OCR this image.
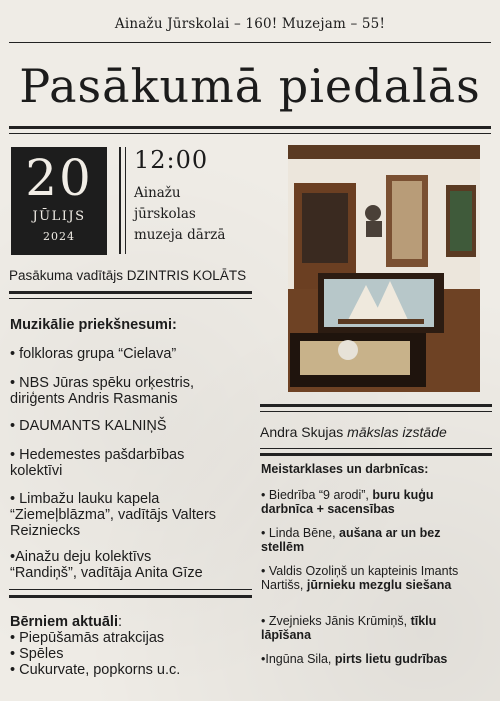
Ainažu Jūrskolai – 160! Muzejam – 55!
Pasākumā piedalās
20
JŪLIJS
2024
12:00
Ainažu
jūrskolas
muzeja dārzā
Pasākuma vadītājs DZINTRIS KOLĀTS
Muzikālie priekšnesumi:
• folkloras grupa “Cielava”
• NBS Jūras spēku orķestris,
diriģents Andris Rasmanis
• DAUMANTS KALNIŅŠ
• Hedemestes pašdarbības
kolektīvi
• Limbažu lauku kapela
“Ziemeļblāzma”, vadītājs Valters
Reizniecks
•Ainažu deju kolektīvs
“Randiņš”, vadītāja Anita Gīze
Bērniem aktuāli:
• Piepūšamās atrakcijas
• Spēles
• Cukurvate, popkorns u.c.
Andra Skujas mākslas izstāde
Meistarklases un darbnīcas:
• Biedrība “9 arodi”, buru kuģu darbnīca + sacensības
• Linda Bēne, aušana ar un bez stellēm
• Valdis Ozoliņš un kapteinis Imants Nartišs, jūrnieku mezglu siešana
• Zvejnieks Jānis Krūmiņš, tīklu lāpīšana
•Ingūna Sila, pirts lietu gudrības
